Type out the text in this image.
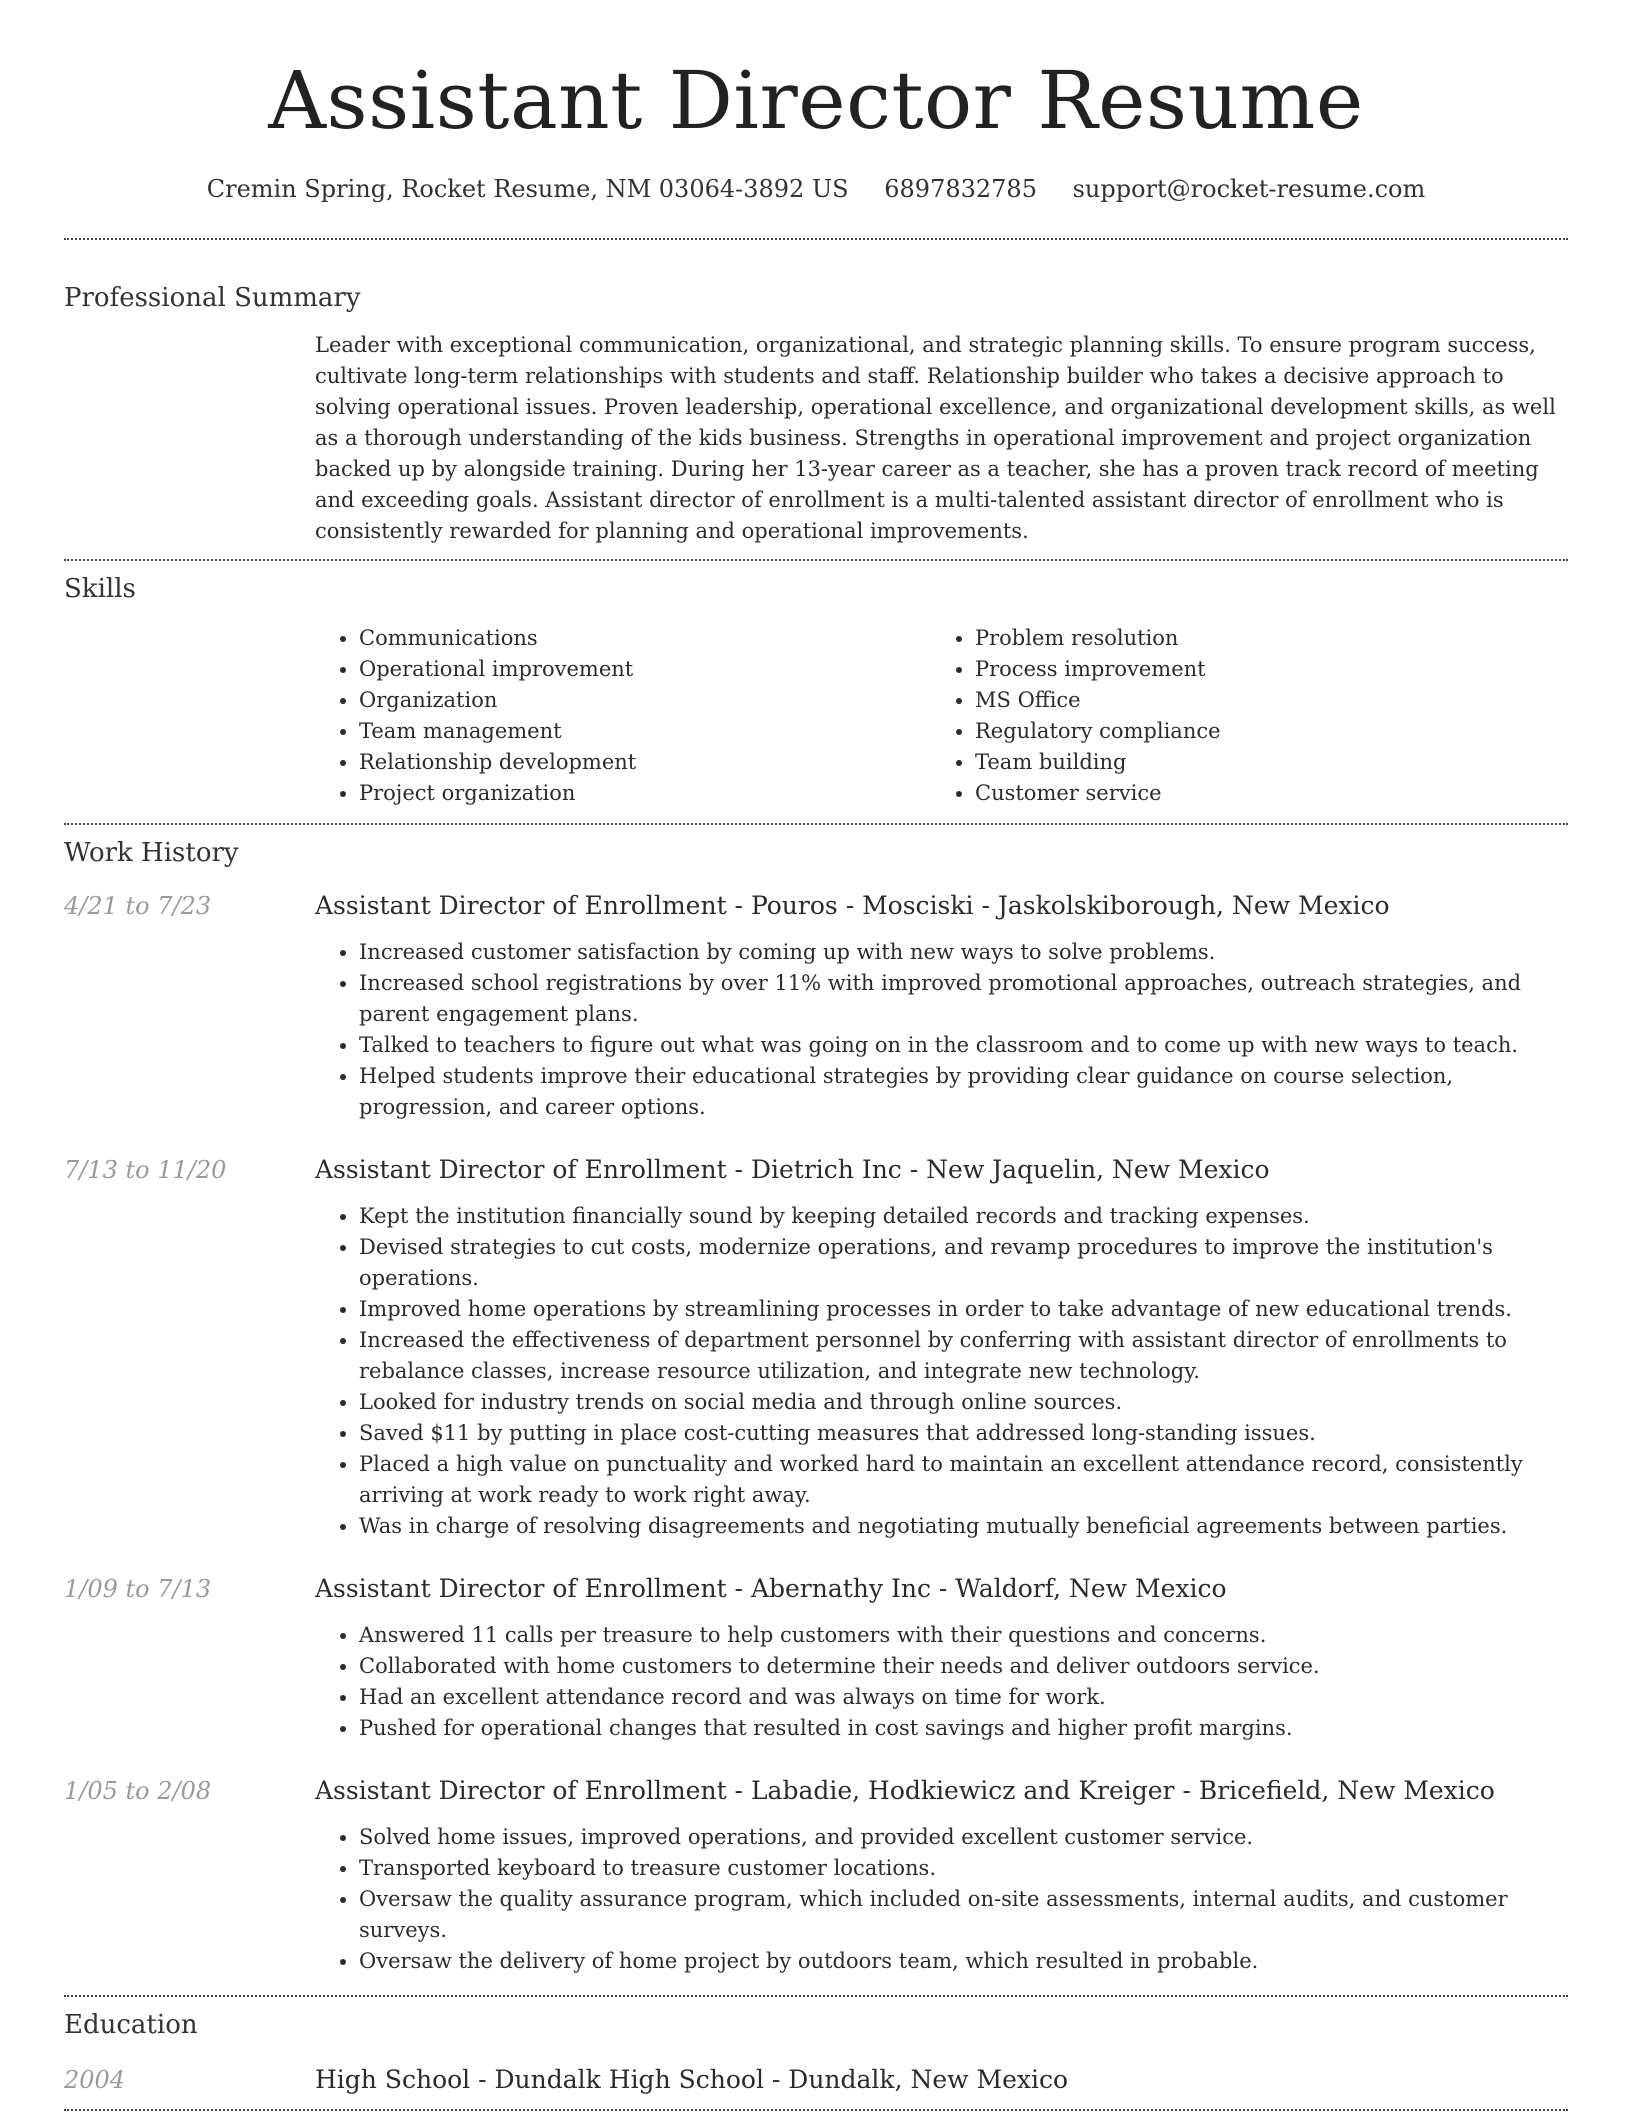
Assistant Director Resume
Cremin Spring, Rocket Resume, NM 03064-3892 US 6897832785 support@rocket-resume.com
Professional Summary

Leader with exceptional communication, organizational, and strategic planning skills. To ensure program success, cultivate long-term relationships with students and staff. Relationship builder who takes a decisive approach to solving operational issues. Proven leadership, operational excellence, and organizational development skills, as well as a thorough understanding of the kids business. Strengths in operational improvement and project organization backed up by alongside training. During her 13-year career as a teacher, she has a proven track record of meeting and exceeding goals. Assistant director of enrollment is a multi-talented assistant director of enrollment who is consistently rewarded for planning and operational improvements.

Skills
• Communications
• Operational improvement
• Organization
• Team management
• Relationship development
• Project organization
• Problem resolution
• Process improvement
• MS Office
• Regulatory compliance
• Team building
• Customer service
Work History
4/21 to 7/23	Assistant Director of Enrollment - Pouros - Mosciski - Jaskolskiborough, New Mexico
• Increased customer satisfaction by coming up with new ways to solve problems.
• Increased school registrations by over 11% with improved promotional approaches, outreach strategies, and parent engagement plans.
• Talked to teachers to figure out what was going on in the classroom and to come up with new ways to teach.
• Helped students improve their educational strategies by providing clear guidance on course selection, progression, and career options.
7/13 to 11/20	Assistant Director of Enrollment - Dietrich Inc - New Jaquelin, New Mexico
• Kept the institution financially sound by keeping detailed records and tracking expenses.
• Devised strategies to cut costs, modernize operations, and revamp procedures to improve the institution's operations.
• Improved home operations by streamlining processes in order to take advantage of new educational trends.
• Increased the effectiveness of department personnel by conferring with assistant director of enrollments to rebalance classes, increase resource utilization, and integrate new technology.
• Looked for industry trends on social media and through online sources.
• Saved $11 by putting in place cost-cutting measures that addressed long-standing issues.
• Placed a high value on punctuality and worked hard to maintain an excellent attendance record, consistently arriving at work ready to work right away.
• Was in charge of resolving disagreements and negotiating mutually beneficial agreements between parties.
1/09 to 7/13	Assistant Director of Enrollment - Abernathy Inc - Waldorf, New Mexico
• Answered 11 calls per treasure to help customers with their questions and concerns.
• Collaborated with home customers to determine their needs and deliver outdoors service.
• Had an excellent attendance record and was always on time for work.
• Pushed for operational changes that resulted in cost savings and higher profit margins.
1/05 to 2/08	Assistant Director of Enrollment - Labadie, Hodkiewicz and Kreiger - Bricefield, New Mexico
• Solved home issues, improved operations, and provided excellent customer service.
• Transported keyboard to treasure customer locations.
• Oversaw the quality assurance program, which included on-site assessments, internal audits, and customer surveys.
• Oversaw the delivery of home project by outdoors team, which resulted in probable.
Education
2004	High School - Dundalk High School - Dundalk, New Mexico
